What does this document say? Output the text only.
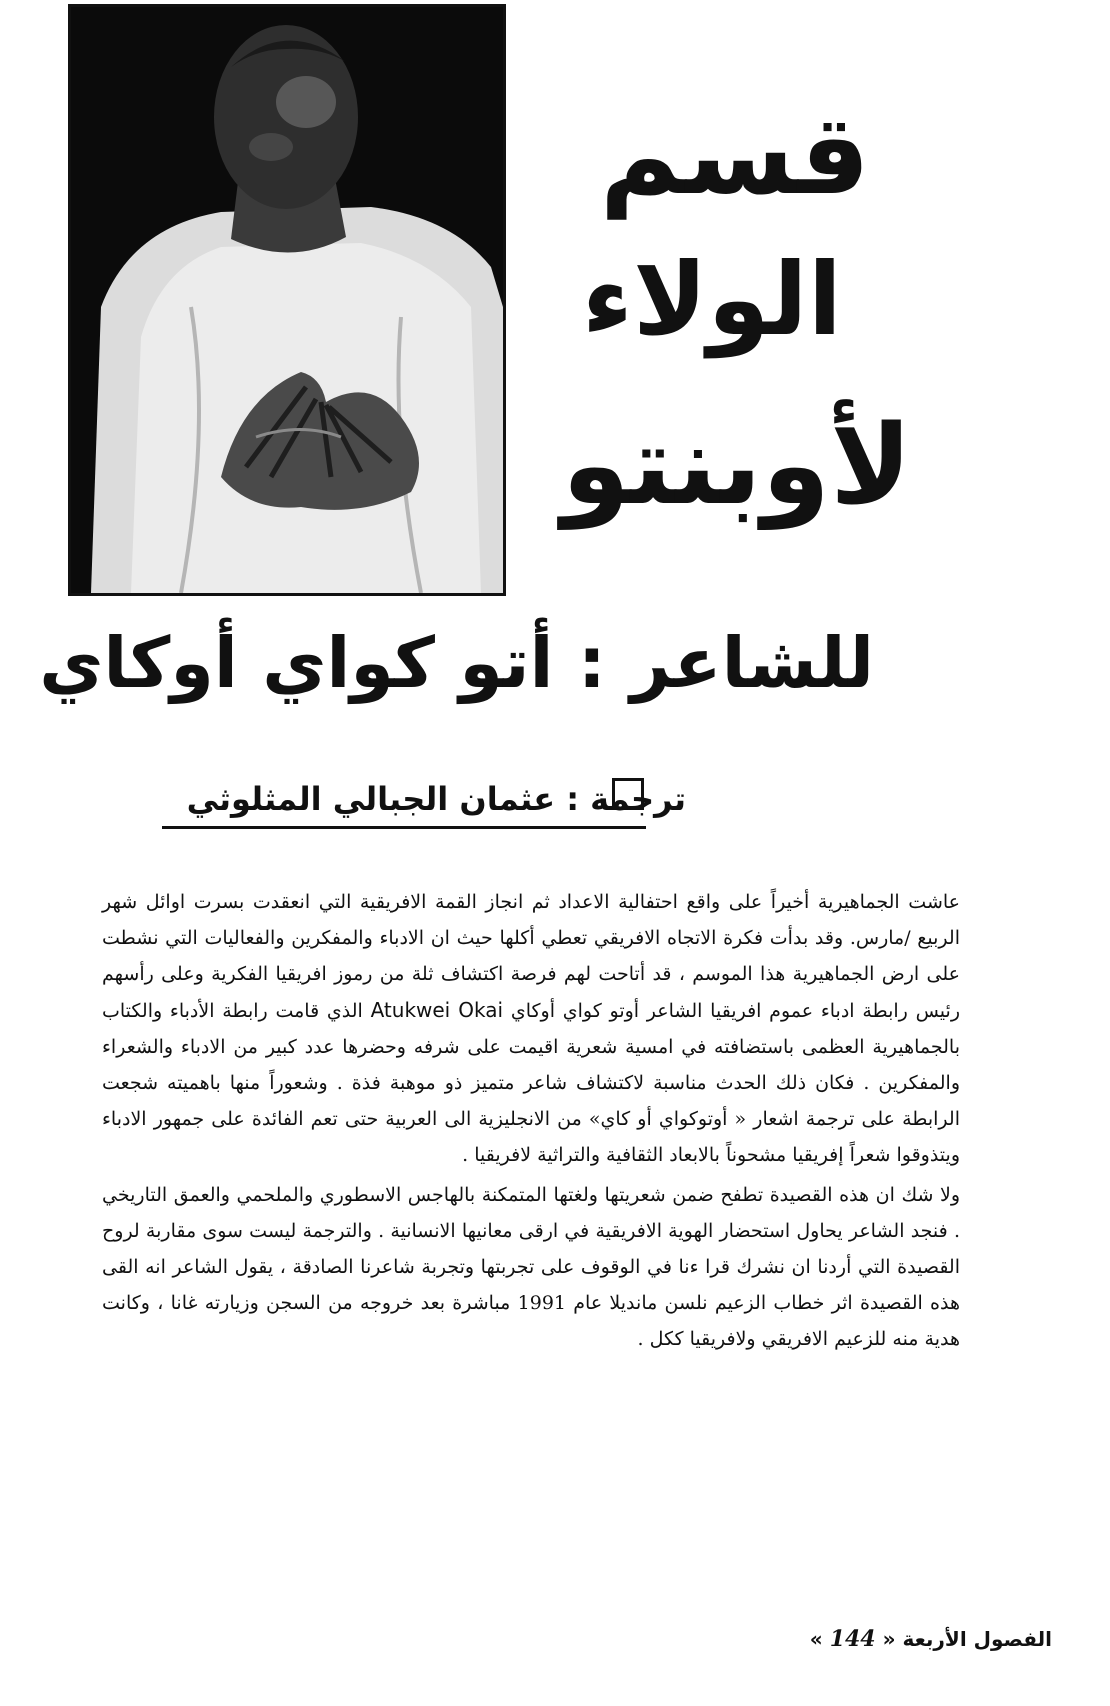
قسم
الولاء
لأوبنتو
للشاعر : أتو كواي أوكاي
ترجمة : عثمان الجبالي المثلوثي

عاشت الجماهيرية أخيراً على واقع احتفالية الاعداد ثم انجاز القمة الافريقية التي انعقدت بسرت اوائل شهر الربيع /مارس. وقد بدأت فكرة الاتجاه الافريقي تعطي أكلها حيث ان الادباء والمفكرين والفعاليات التي نشطت على ارض الجماهيرية هذا الموسم ، قد أتاحت لهم فرصة اكتشاف ثلة من رموز افريقيا الفكرية وعلى رأسهم رئيس رابطة ادباء عموم افريقيا الشاعر أوتو كواي أوكاي Atukwei Okai الذي قامت رابطة الأدباء والكتاب بالجماهيرية العظمى باستضافته في امسية شعرية اقيمت على شرفه وحضرها عدد كبير من الادباء والشعراء والمفكرين . فكان ذلك الحدث مناسبة لاكتشاف شاعر متميز ذو موهبة فذة . وشعوراً منها باهميته شجعت الرابطة على ترجمة اشعار « أوتوكواي أو كاي» من الانجليزية الى العربية حتى تعم الفائدة على جمهور الادباء ويتذوقوا شعراً إفريقيا مشحوناً بالابعاد الثقافية والتراثية لافريقيا .

ولا شك ان هذه القصيدة تطفح ضمن شعريتها ولغتها المتمكنة بالهاجس الاسطوري والملحمي والعمق التاريخي . فنجد الشاعر يحاول استحضار الهوية الافريقية في ارقى معانيها الانسانية . والترجمة ليست سوى مقاربة لروح القصيدة التي أردنا ان نشرك قرا ءنا في الوقوف على تجربتها وتجربة شاعرنا الصادقة ، يقول الشاعر انه القى هذه القصيدة اثر خطاب الزعيم نلسن مانديلا عام 1991 مباشرة بعد خروجه من السجن وزيارته غانا ، وكانت هدية منه للزعيم الافريقي ولافريقيا ككل .

الفصول الأربعة « 144 »
